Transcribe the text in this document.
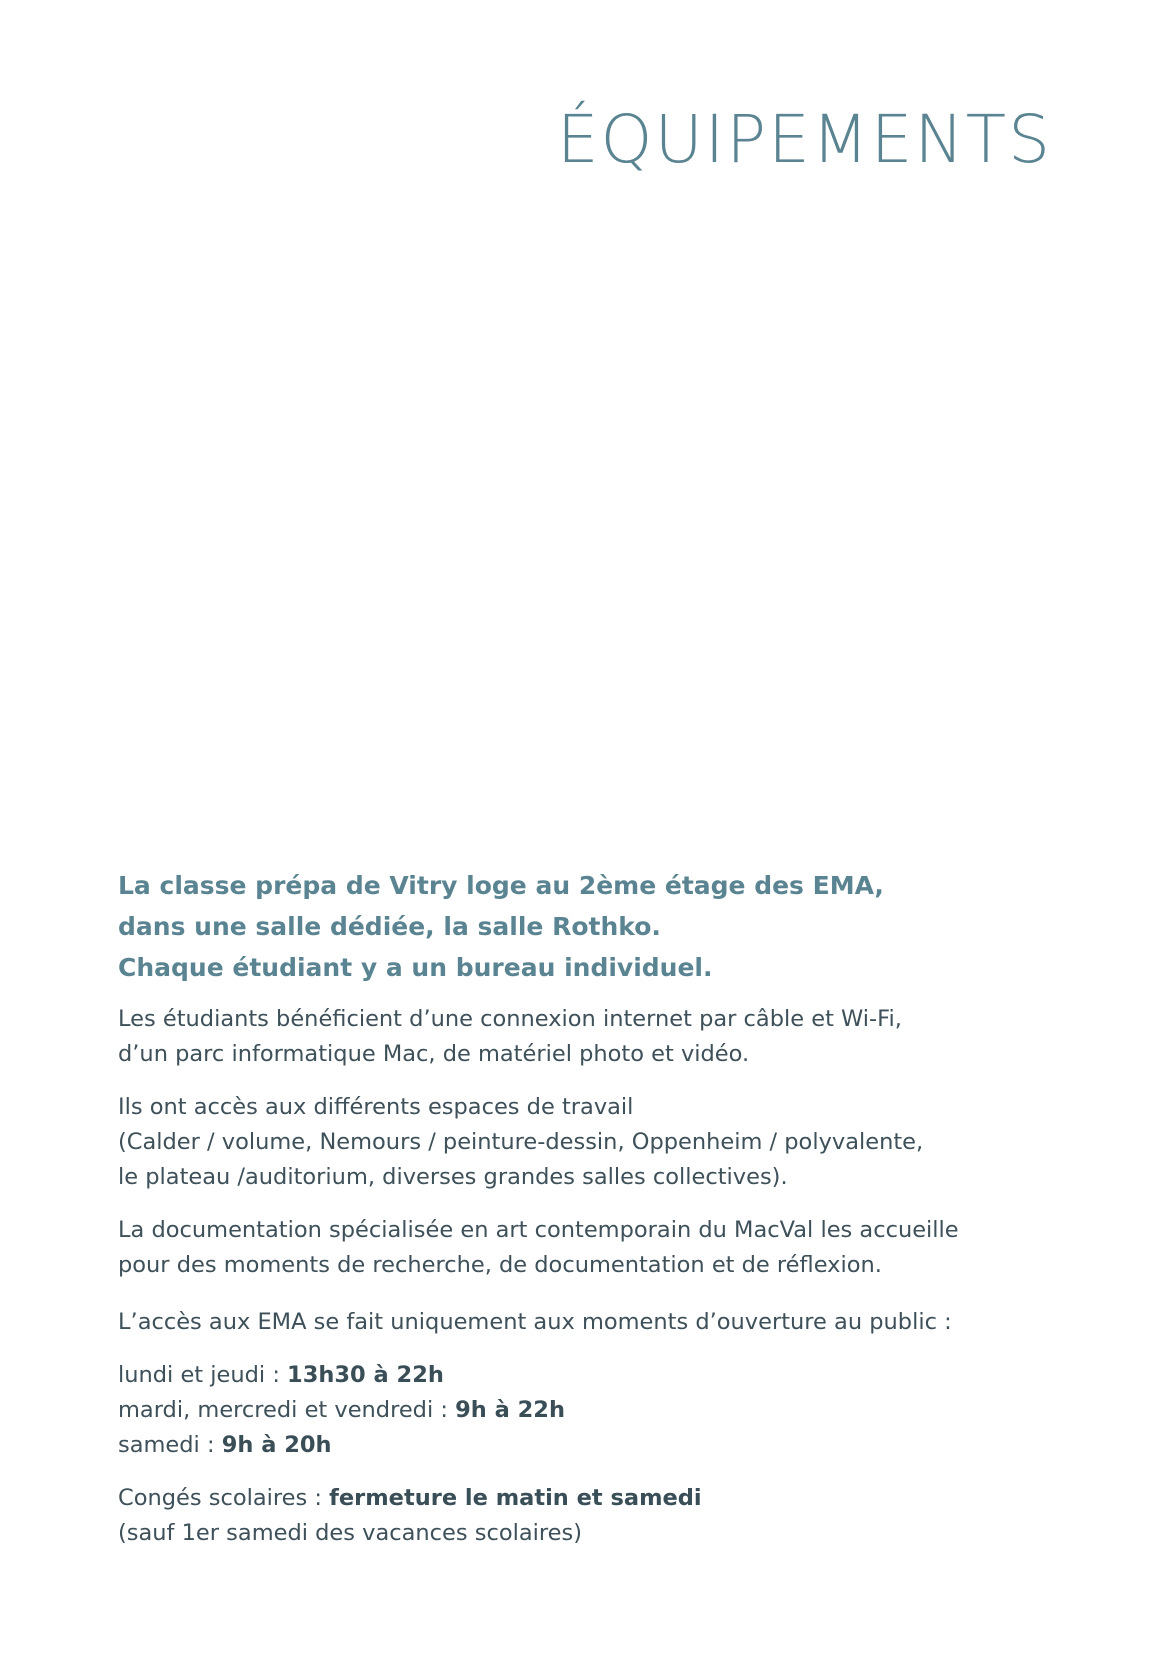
ÉQUIPEMENTS

La classe prépa de Vitry loge au 2ème étage des EMA,
dans une salle dédiée, la salle Rothko.
Chaque étudiant y a un bureau individuel.

Les étudiants bénéficient d’une connexion internet par câble et Wi-Fi,
d’un parc informatique Mac, de matériel photo et vidéo.

Ils ont accès aux différents espaces de travail
(Calder / volume, Nemours / peinture-dessin, Oppenheim / polyvalente,
le plateau /auditorium, diverses grandes salles collectives).

La documentation spécialisée en art contemporain du MacVal les accueille
pour des moments de recherche, de documentation et de réflexion.

L’accès aux EMA se fait uniquement aux moments d’ouverture au public :

lundi et jeudi : 13h30 à 22h
mardi, mercredi et vendredi : 9h à 22h
samedi : 9h à 20h

Congés scolaires : fermeture le matin et samedi
(sauf 1er samedi des vacances scolaires)
